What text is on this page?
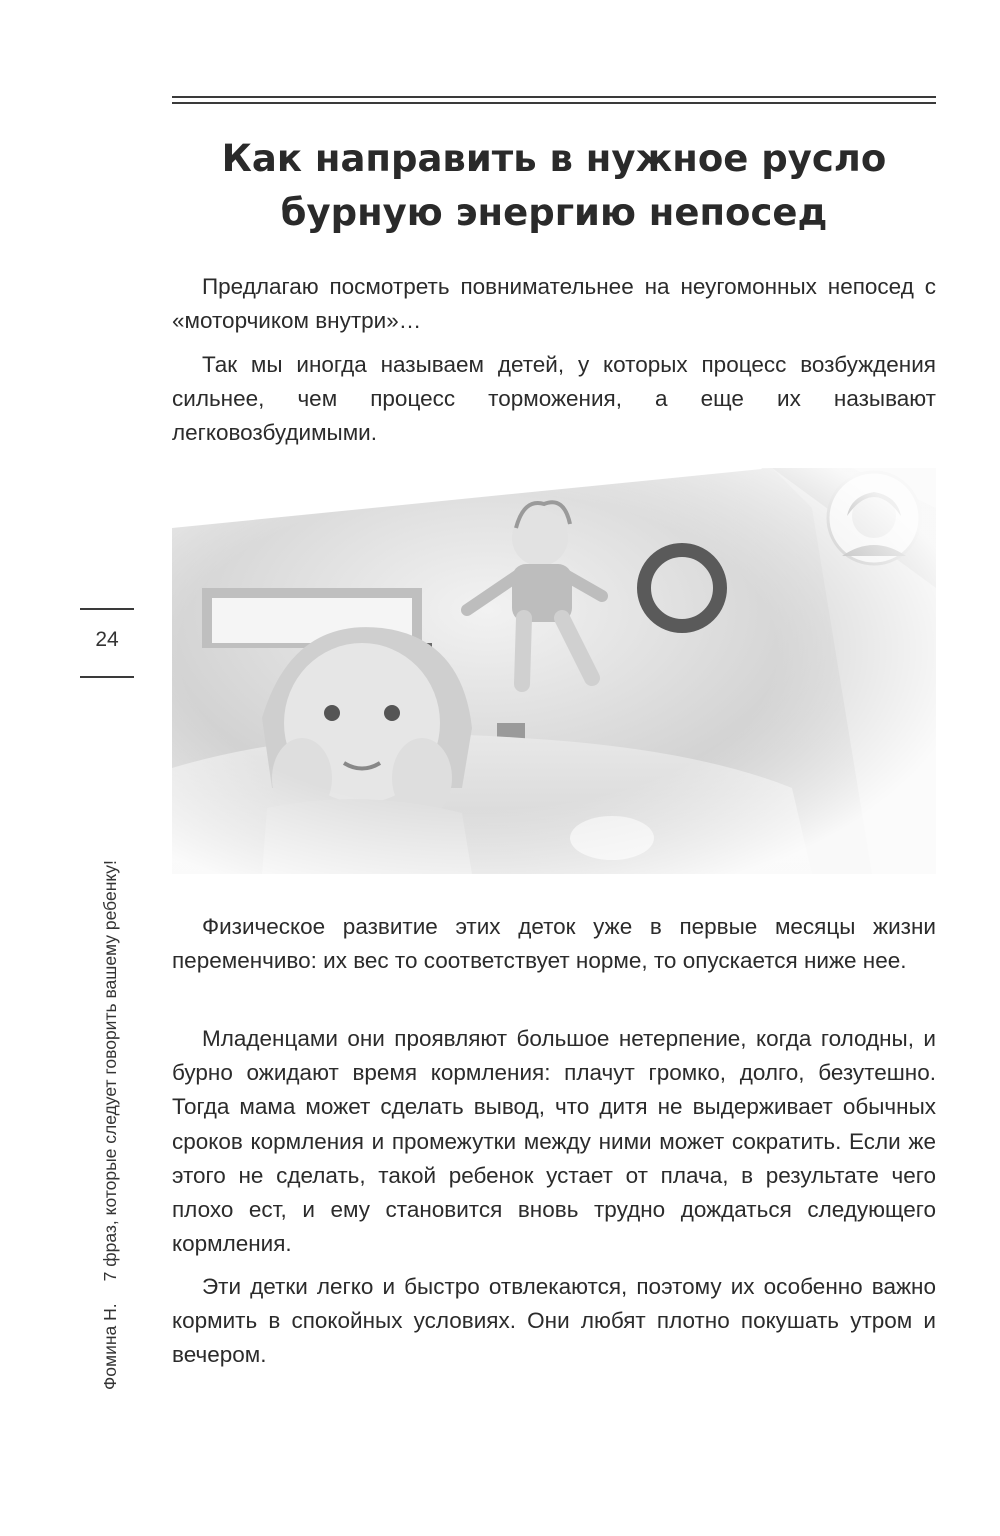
Как направить в нужное русло бурную энергию непосед

Предлагаю посмотреть повнимательнее на неугомонных непосед с «моторчиком внутри»…

Так мы иногда называем детей, у которых процесс возбуждения сильнее, чем процесс торможения, а еще их называют легковозбудимыми.

24
Фомина Н.7 фраз, которые следует говорить вашему ребенку!	Физическое развитие этих деток уже в первые месяцы жизни переменчиво: их вес то соответствует норме, то опускается ниже нее.

Младенцами они проявляют большое нетерпение, когда голодны, и бурно ожидают время кормления: плачут громко, долго, безутешно. Тогда мама может сделать вывод, что дитя не выдерживает обычных сроков кормления и промежутки между ними может сократить. Если же этого не сделать, такой ребенок устает от плача, в результате чего плохо ест, и ему становится вновь трудно дождаться следующего кормления.

Эти детки легко и быстро отвлекаются, поэтому их особенно важно кормить в спокойных условиях. Они любят плотно покушать утром и вечером.
